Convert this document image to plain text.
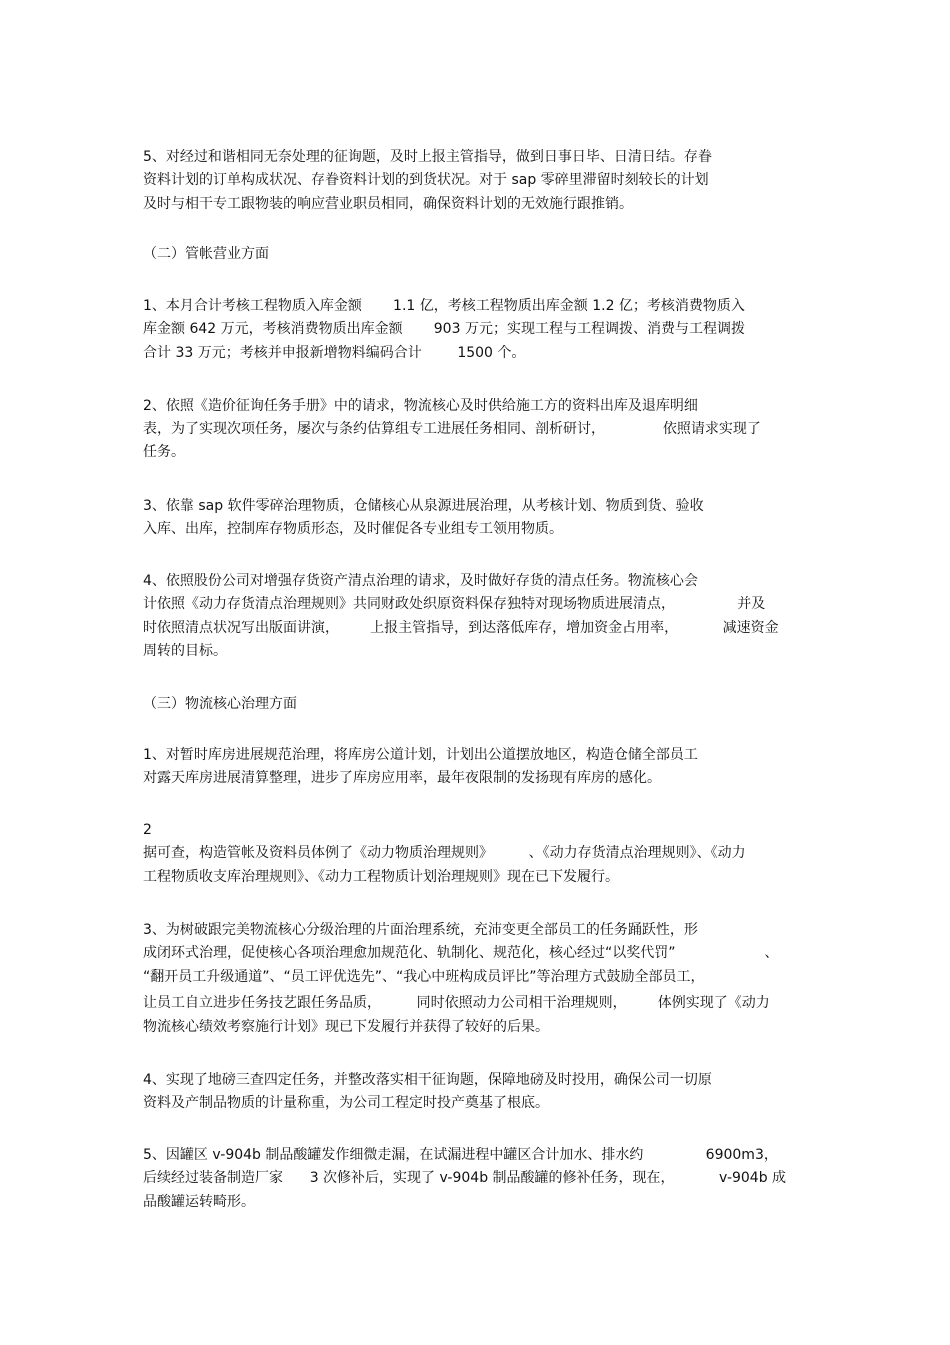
5、对经过和谐相同无奈处理的征询题，及时上报主管指导，做到日事日毕、日清日结。存眷

资料计划的订单构成状况、存眷资料计划的到货状况。对于 sap 零碎里滞留时刻较长的计划

及时与相干专工跟物装的响应营业职员相同，确保资料计划的无效施行跟推销。

（二）管帐营业方面

1、本月合计考核工程物质入库金额       1.1 亿，考核工程物质出库金额 1.2 亿；考核消费物质入

库金额 642 万元，考核消费物质出库金额       903 万元；实现工程与工程调拨、消费与工程调拨

合计 33 万元；考核并申报新增物料编码合计        1500 个。

2、依照《造价征询任务手册》中的请求，物流核心及时供给施工方的资料出库及退库明细

表，为了实现次项任务，屡次与条约估算组专工进展任务相同、剖析研讨，             依照请求实现了

任务。

3、依靠 sap 软件零碎治理物质，仓储核心从泉源进展治理，从考核计划、物质到货、验收

入库、出库，控制库存物质形态，及时催促各专业组专工领用物质。

4、依照股份公司对增强存货资产清点治理的请求，及时做好存货的清点任务。物流核心会

计依照《动力存货清点治理规则》共同财政处织原资料保存独特对现场物质进展清点，              并及

时依照清点状况写出版面讲演，       上报主管指导，到达落低库存，增加资金占用率，          减速资金

周转的目标。

（三）物流核心治理方面

1、对暂时库房进展规范治理，将库房公道计划，计划出公道摆放地区，构造仓储全部员工

对露天库房进展清算整理，进步了库房应用率，最年夜限制的发扬现有库房的感化。

2

据可查，构造管帐及资料员体例了《动力物质治理规则》        、《动力存货清点治理规则》、《动力

工程物质收支库治理规则》、《动力工程物质计划治理规则》现在已下发履行。

3、为树破跟完美物流核心分级治理的片面治理系统，充沛变更全部员工的任务踊跃性，形

成闭环式治理，促使核心各项治理愈加规范化、轨制化、规范化，核心经过“以奖代罚”                    、

“翻开员工升级通道”、“员工评优选先”、“我心中班构成员评比”等治理方式鼓励全部员工，

让员工自立进步任务技艺跟任务品质，        同时依照动力公司相干治理规则，       体例实现了《动力

物流核心绩效考察施行计划》现已下发履行并获得了较好的后果。

4、实现了地磅三查四定任务，并整改落实相干征询题，保障地磅及时投用，确保公司一切原

资料及产制品物质的计量称重，为公司工程定时投产奠基了根底。

5、因罐区 v-904b 制品酸罐发作细微走漏，在试漏进程中罐区合计加水、排水约              6900m3，

后续经过装备制造厂家      3 次修补后，实现了 v-904b 制品酸罐的修补任务，现在，          v-904b 成

品酸罐运转畸形。
